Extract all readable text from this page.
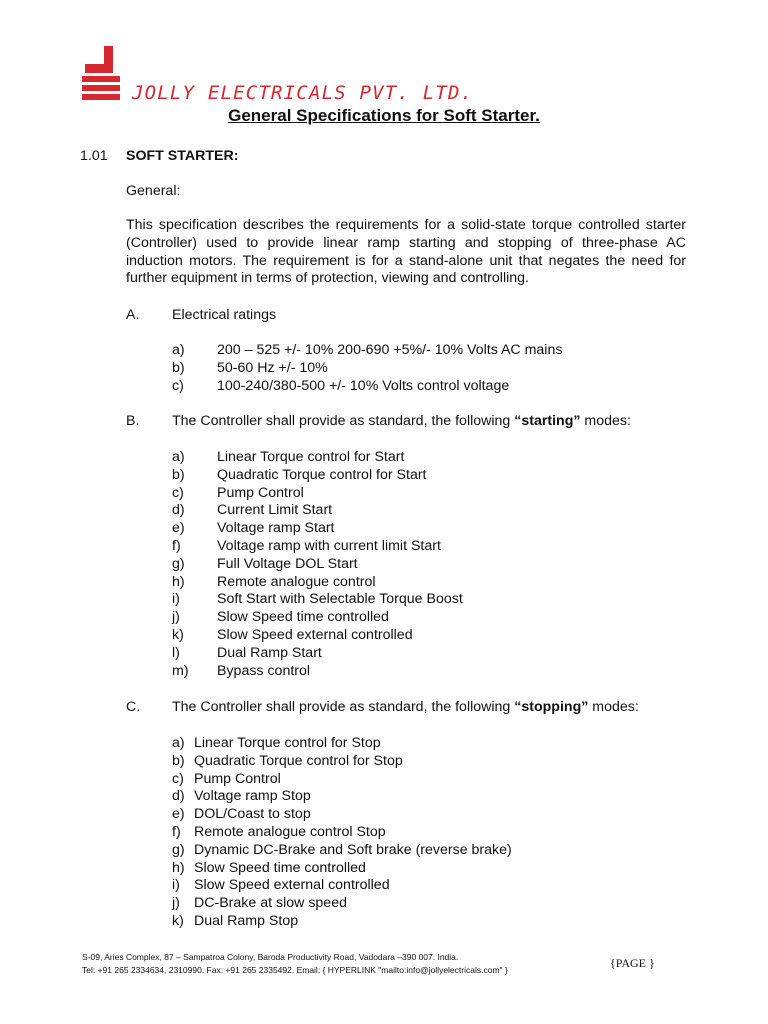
JOLLY ELECTRICALS PVT. LTD.
General Specifications for Soft Starter.
1.01 SOFT STARTER:
General:
This specification describes the requirements for a solid-state torque controlled starter (Controller) used to provide linear ramp starting and stopping of three-phase AC induction motors. The requirement is for a stand-alone unit that negates the need for further equipment in terms of protection, viewing and controlling.
A. Electrical ratings
a) 200 – 525 +/- 10% 200-690 +5%/- 10% Volts AC mains
b) 50-60 Hz +/- 10%
c) 100-240/380-500 +/- 10% Volts control voltage
B. The Controller shall provide as standard, the following “starting” modes:
a) Linear Torque control for Start
b) Quadratic Torque control for Start
c) Pump Control
d) Current Limit Start
e) Voltage ramp Start
f)	Voltage ramp with current limit Start
g) Full Voltage DOL Start
h) Remote analogue control
i)	Soft Start with Selectable Torque Boost
j)	Slow Speed time controlled
k) Slow Speed external controlled
l)	Dual Ramp Start
m) Bypass control
C. The Controller shall provide as standard, the following “stopping” modes:
a) Linear Torque control for Stop
b) Quadratic Torque control for Stop
c) Pump Control
d) Voltage ramp Stop
e) DOL/Coast to stop
f) Remote analogue control Stop
g) Dynamic DC-Brake and Soft brake (reverse brake)
h) Slow Speed time controlled
i) Slow Speed external controlled
j) DC-Brake at slow speed
k) Dual Ramp Stop
S-09, Aries Complex, 87 – Sampatroa Colony, Baroda Productivity Road, Vadodara –390 007. India.
Tel: +91 265 2334634, 2310990. Fax: +91 265 2335492. Email: { HYPERLINK "mailto:info@jollyelectricals.com" }	{PAGE }
